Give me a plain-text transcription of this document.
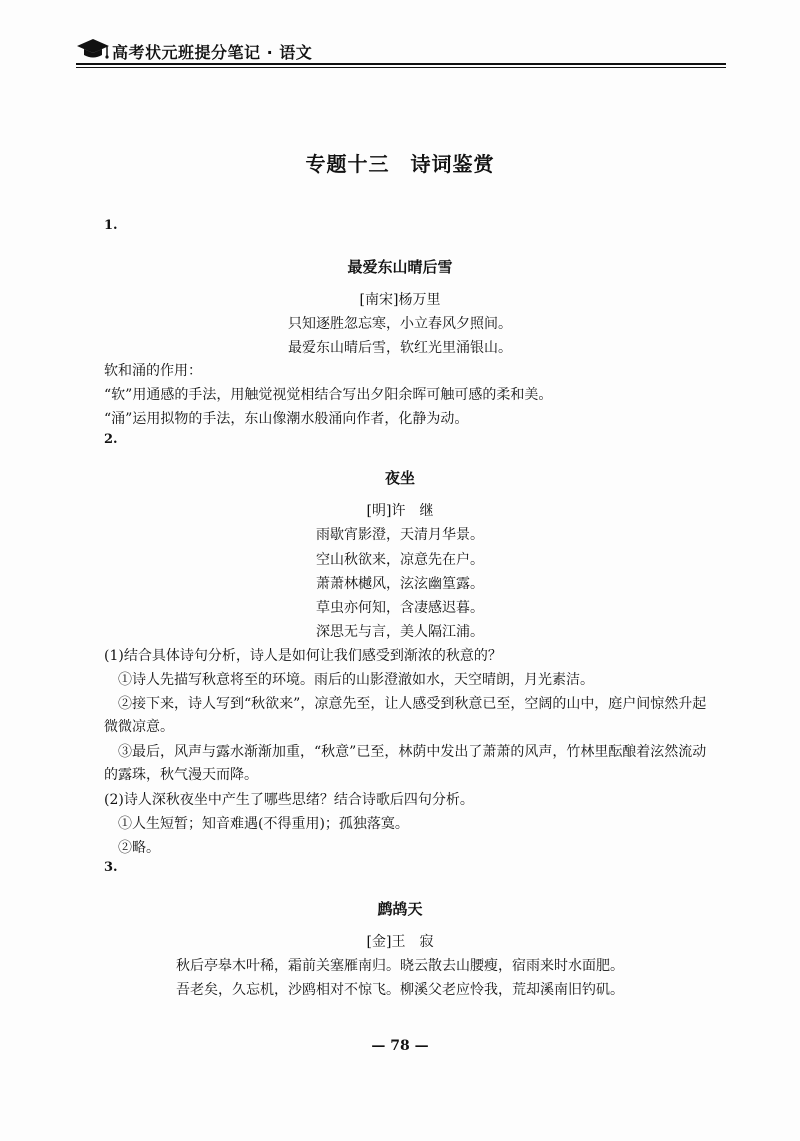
高考状元班提分笔记 · 语文
专题十三　诗词鉴赏
1.
最爱东山晴后雪
[南宋]杨万里
只知逐胜忽忘寒，小立春风夕照间。
最爱东山晴后雪，软红光里涌银山。
软和涌的作用：
“软”用通感的手法，用触觉视觉相结合写出夕阳余晖可触可感的柔和美。
“涌”运用拟物的手法，东山像潮水般涌向作者，化静为动。
2.
夜坐
[明]许　继
雨歇宵影澄，天清月华景。
空山秋欲来，凉意先在户。
萧萧林樾风，泫泫幽篁露。
草虫亦何知，含凄感迟暮。
深思无与言，美人隔江浦。
(1)结合具体诗句分析，诗人是如何让我们感受到渐浓的秋意的？
①诗人先描写秋意将至的环境。雨后的山影澄澈如水，天空晴朗，月光素洁。
②接下来，诗人写到“秋欲来”，凉意先至，让人感受到秋意已至，空阔的山中，庭户间惊然升起
微微凉意。
③最后，风声与露水渐渐加重，“秋意”已至，林荫中发出了萧萧的风声，竹林里酝酿着泫然流动
的露珠，秋气漫天而降。
(2)诗人深秋夜坐中产生了哪些思绪？结合诗歌后四句分析。
①人生短暂；知音难遇(不得重用)；孤独落寞。
②略。
3.
鹧鸪天
[金]王　寂
秋后亭皋木叶稀，霜前关塞雁南归。晓云散去山腰瘦，宿雨来时水面肥。
吾老矣，久忘机，沙鸥相对不惊飞。柳溪父老应怜我，荒却溪南旧钓矶。
— 78 —
